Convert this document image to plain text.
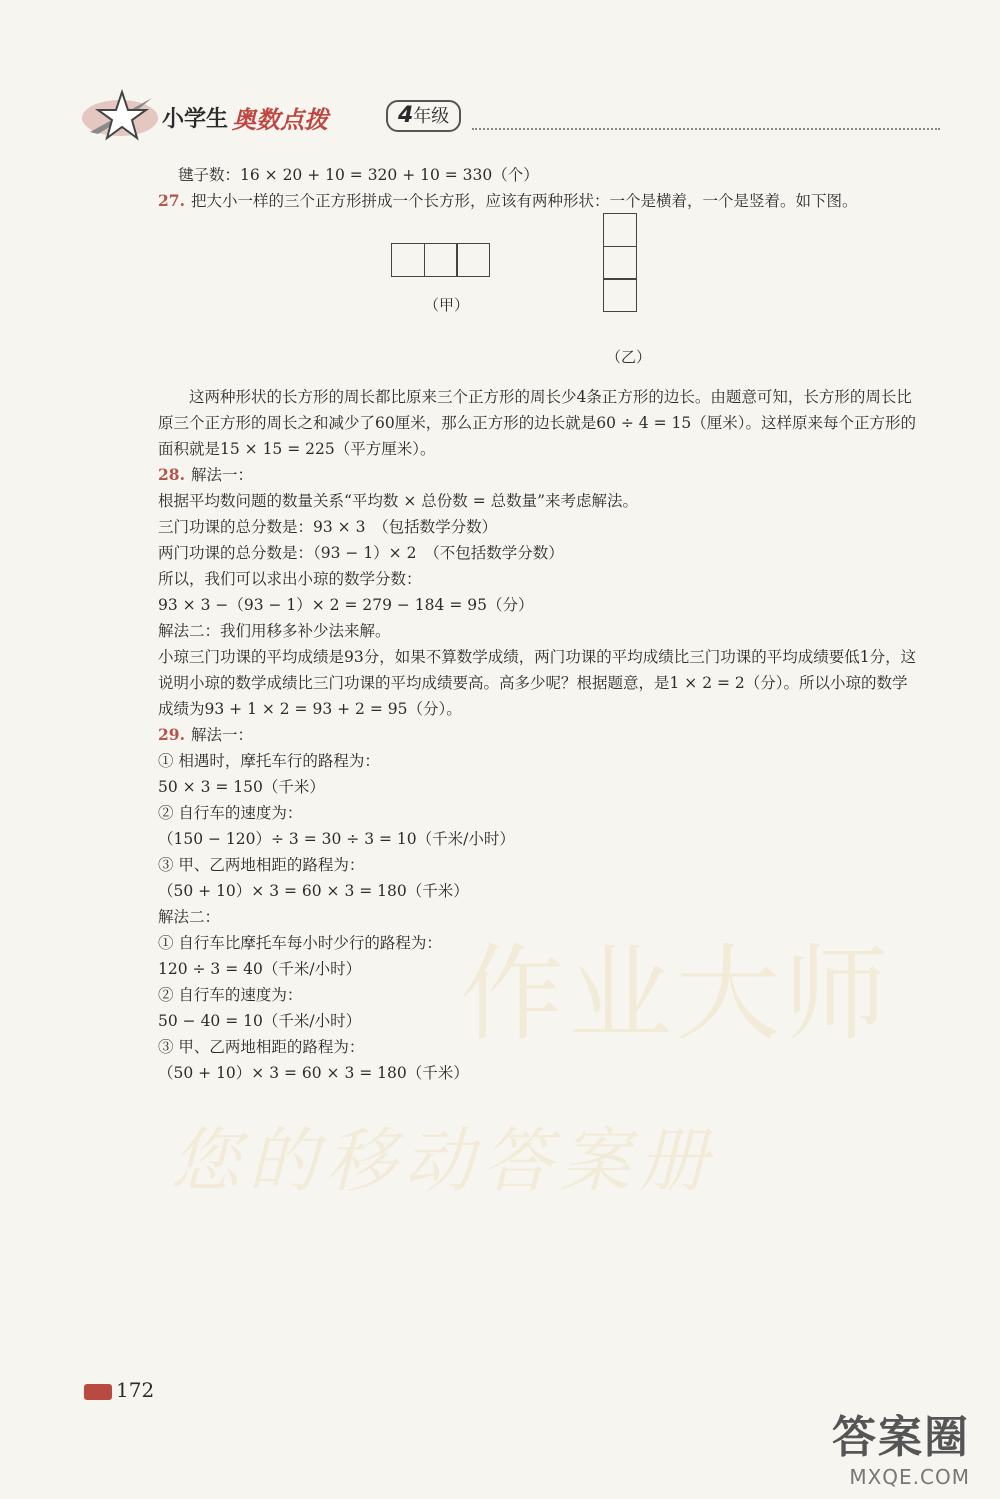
小学生 奥数点拨	4年级
作业大师
您的移动答案册

毽子数：16 × 20 + 10 = 320 + 10 = 330（个）

27. 把大小一样的三个正方形拼成一个长方形，应该有两种形状：一个是横着，一个是竖着。如下图。

（甲）
（乙）

这两种形状的长方形的周长都比原来三个正方形的周长少4条正方形的边长。由题意可知，长方形的周长比原三个正方形的周长之和减少了60厘米，那么正方形的边长就是60 ÷ 4 = 15（厘米）。这样原来每个正方形的面积就是15 × 15 = 225（平方厘米）。

28. 解法一：

根据平均数问题的数量关系“平均数 × 总份数 = 总数量”来考虑解法。

三门功课的总分数是：93 × 3　（包括数学分数）

两门功课的总分数是：（93 − 1）× 2　（不包括数学分数）

所以，我们可以求出小琼的数学分数：

93 × 3 −（93 − 1）× 2 = 279 − 184 = 95（分）

解法二：我们用移多补少法来解。

小琼三门功课的平均成绩是93分，如果不算数学成绩，两门功课的平均成绩比三门功课的平均成绩要低1分，这说明小琼的数学成绩比三门功课的平均成绩要高。高多少呢？根据题意，是1 × 2 = 2（分）。所以小琼的数学成绩为93 + 1 × 2 = 93 + 2 = 95（分）。

29. 解法一：

① 相遇时，摩托车行的路程为：

50 × 3 = 150（千米）

② 自行车的速度为：

（150 − 120）÷ 3 = 30 ÷ 3 = 10（千米/小时）

③ 甲、乙两地相距的路程为：

（50 + 10）× 3 = 60 × 3 = 180（千米）

解法二：

① 自行车比摩托车每小时少行的路程为：

120 ÷ 3 = 40（千米/小时）

② 自行车的速度为：

50 − 40 = 10（千米/小时）

③ 甲、乙两地相距的路程为：

（50 + 10）× 3 = 60 × 3 = 180（千米）

172
答案圈
MXQE.COM
